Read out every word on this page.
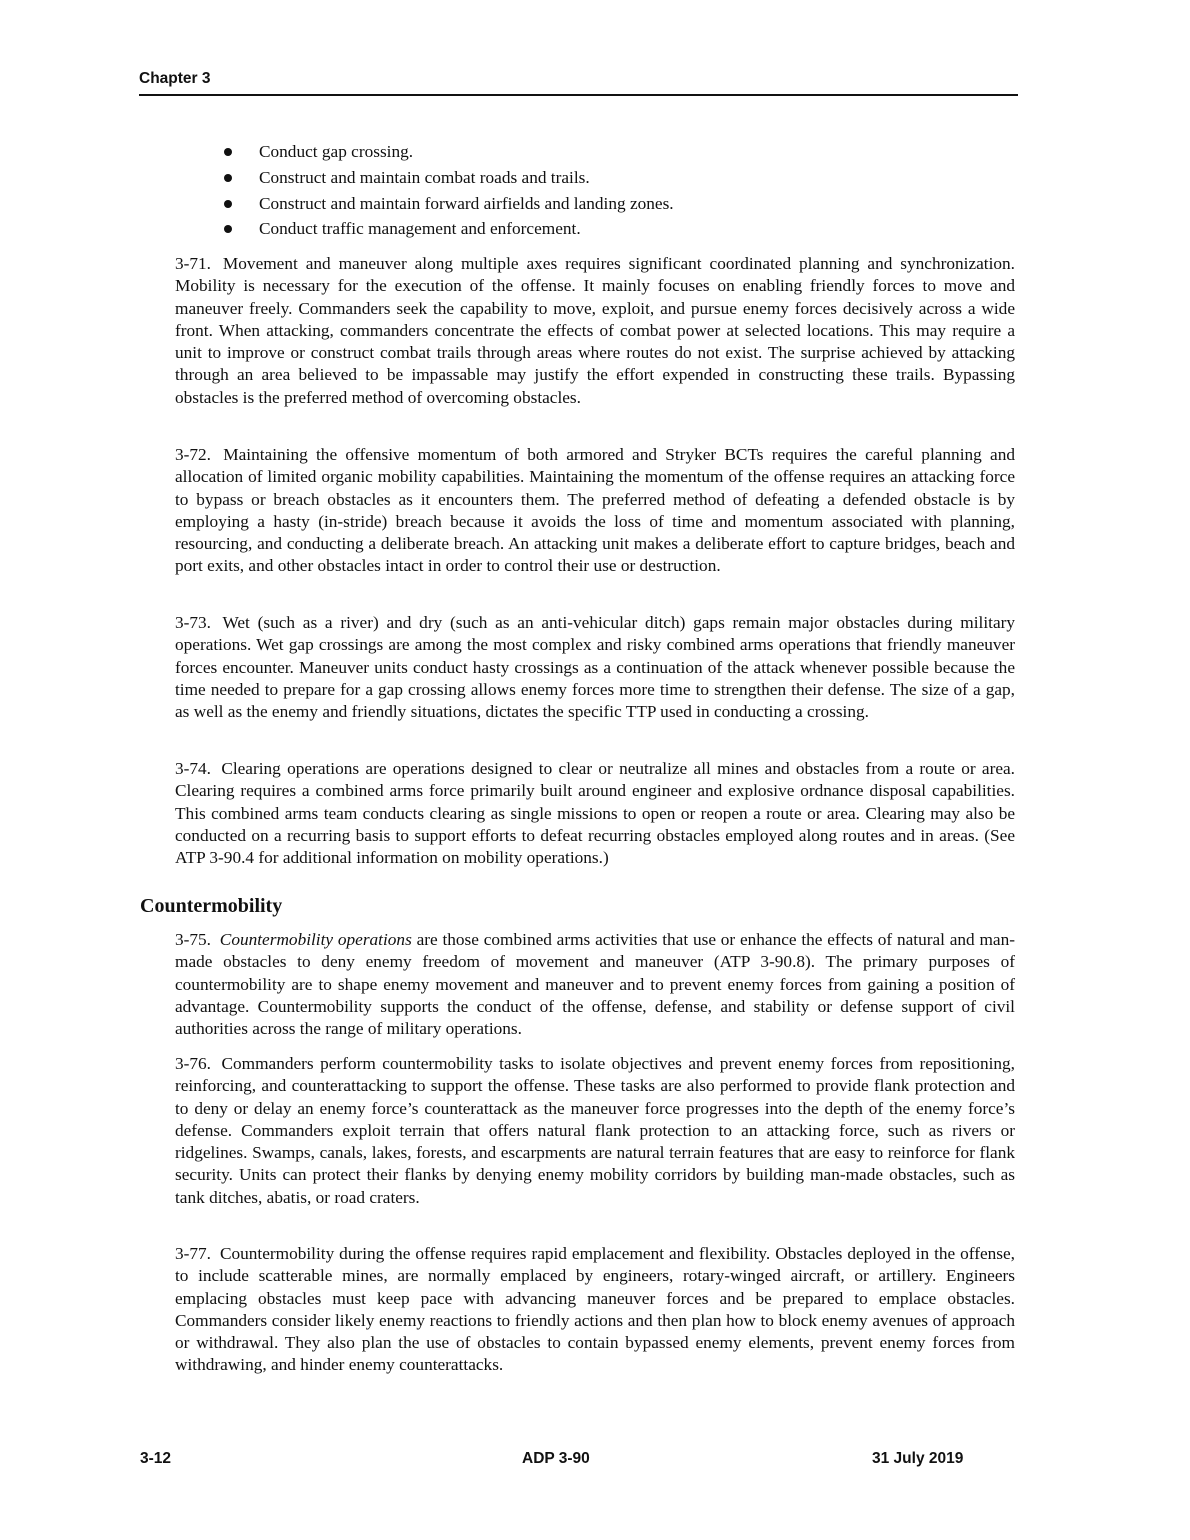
Chapter 3
Conduct gap crossing.
Construct and maintain combat roads and trails.
Construct and maintain forward airfields and landing zones.
Conduct traffic management and enforcement.

3-71. Movement and maneuver along multiple axes requires significant coordinated planning and synchronization. Mobility is necessary for the execution of the offense. It mainly focuses on enabling friendly forces to move and maneuver freely. Commanders seek the capability to move, exploit, and pursue enemy forces decisively across a wide front. When attacking, commanders concentrate the effects of combat power at selected locations. This may require a unit to improve or construct combat trails through areas where routes do not exist. The surprise achieved by attacking through an area believed to be impassable may justify the effort expended in constructing these trails. Bypassing obstacles is the preferred method of overcoming obstacles.

3-72. Maintaining the offensive momentum of both armored and Stryker BCTs requires the careful planning and allocation of limited organic mobility capabilities. Maintaining the momentum of the offense requires an attacking force to bypass or breach obstacles as it encounters them. The preferred method of defeating a defended obstacle is by employing a hasty (in-stride) breach because it avoids the loss of time and momentum associated with planning, resourcing, and conducting a deliberate breach. An attacking unit makes a deliberate effort to capture bridges, beach and port exits, and other obstacles intact in order to control their use or destruction.

3-73. Wet (such as a river) and dry (such as an anti-vehicular ditch) gaps remain major obstacles during military operations. Wet gap crossings are among the most complex and risky combined arms operations that friendly maneuver forces encounter. Maneuver units conduct hasty crossings as a continuation of the attack whenever possible because the time needed to prepare for a gap crossing allows enemy forces more time to strengthen their defense. The size of a gap, as well as the enemy and friendly situations, dictates the specific TTP used in conducting a crossing.

3-74. Clearing operations are operations designed to clear or neutralize all mines and obstacles from a route or area. Clearing requires a combined arms force primarily built around engineer and explosive ordnance disposal capabilities. This combined arms team conducts clearing as single missions to open or reopen a route or area. Clearing may also be conducted on a recurring basis to support efforts to defeat recurring obstacles employed along routes and in areas. (See ATP 3-90.4 for additional information on mobility operations.)

Countermobility

3-75. Countermobility operations are those combined arms activities that use or enhance the effects of natural and man-made obstacles to deny enemy freedom of movement and maneuver (ATP 3-90.8). The primary purposes of countermobility are to shape enemy movement and maneuver and to prevent enemy forces from gaining a position of advantage. Countermobility supports the conduct of the offense, defense, and stability or defense support of civil authorities across the range of military operations.

3-76. Commanders perform countermobility tasks to isolate objectives and prevent enemy forces from repositioning, reinforcing, and counterattacking to support the offense. These tasks are also performed to provide flank protection and to deny or delay an enemy force’s counterattack as the maneuver force progresses into the depth of the enemy force’s defense. Commanders exploit terrain that offers natural flank protection to an attacking force, such as rivers or ridgelines. Swamps, canals, lakes, forests, and escarpments are natural terrain features that are easy to reinforce for flank security. Units can protect their flanks by denying enemy mobility corridors by building man-made obstacles, such as tank ditches, abatis, or road craters.

3-77. Countermobility during the offense requires rapid emplacement and flexibility. Obstacles deployed in the offense, to include scatterable mines, are normally emplaced by engineers, rotary-winged aircraft, or artillery. Engineers emplacing obstacles must keep pace with advancing maneuver forces and be prepared to emplace obstacles. Commanders consider likely enemy reactions to friendly actions and then plan how to block enemy avenues of approach or withdrawal. They also plan the use of obstacles to contain bypassed enemy elements, prevent enemy forces from withdrawing, and hinder enemy counterattacks.

3-12	ADP 3-90	31 July 2019
